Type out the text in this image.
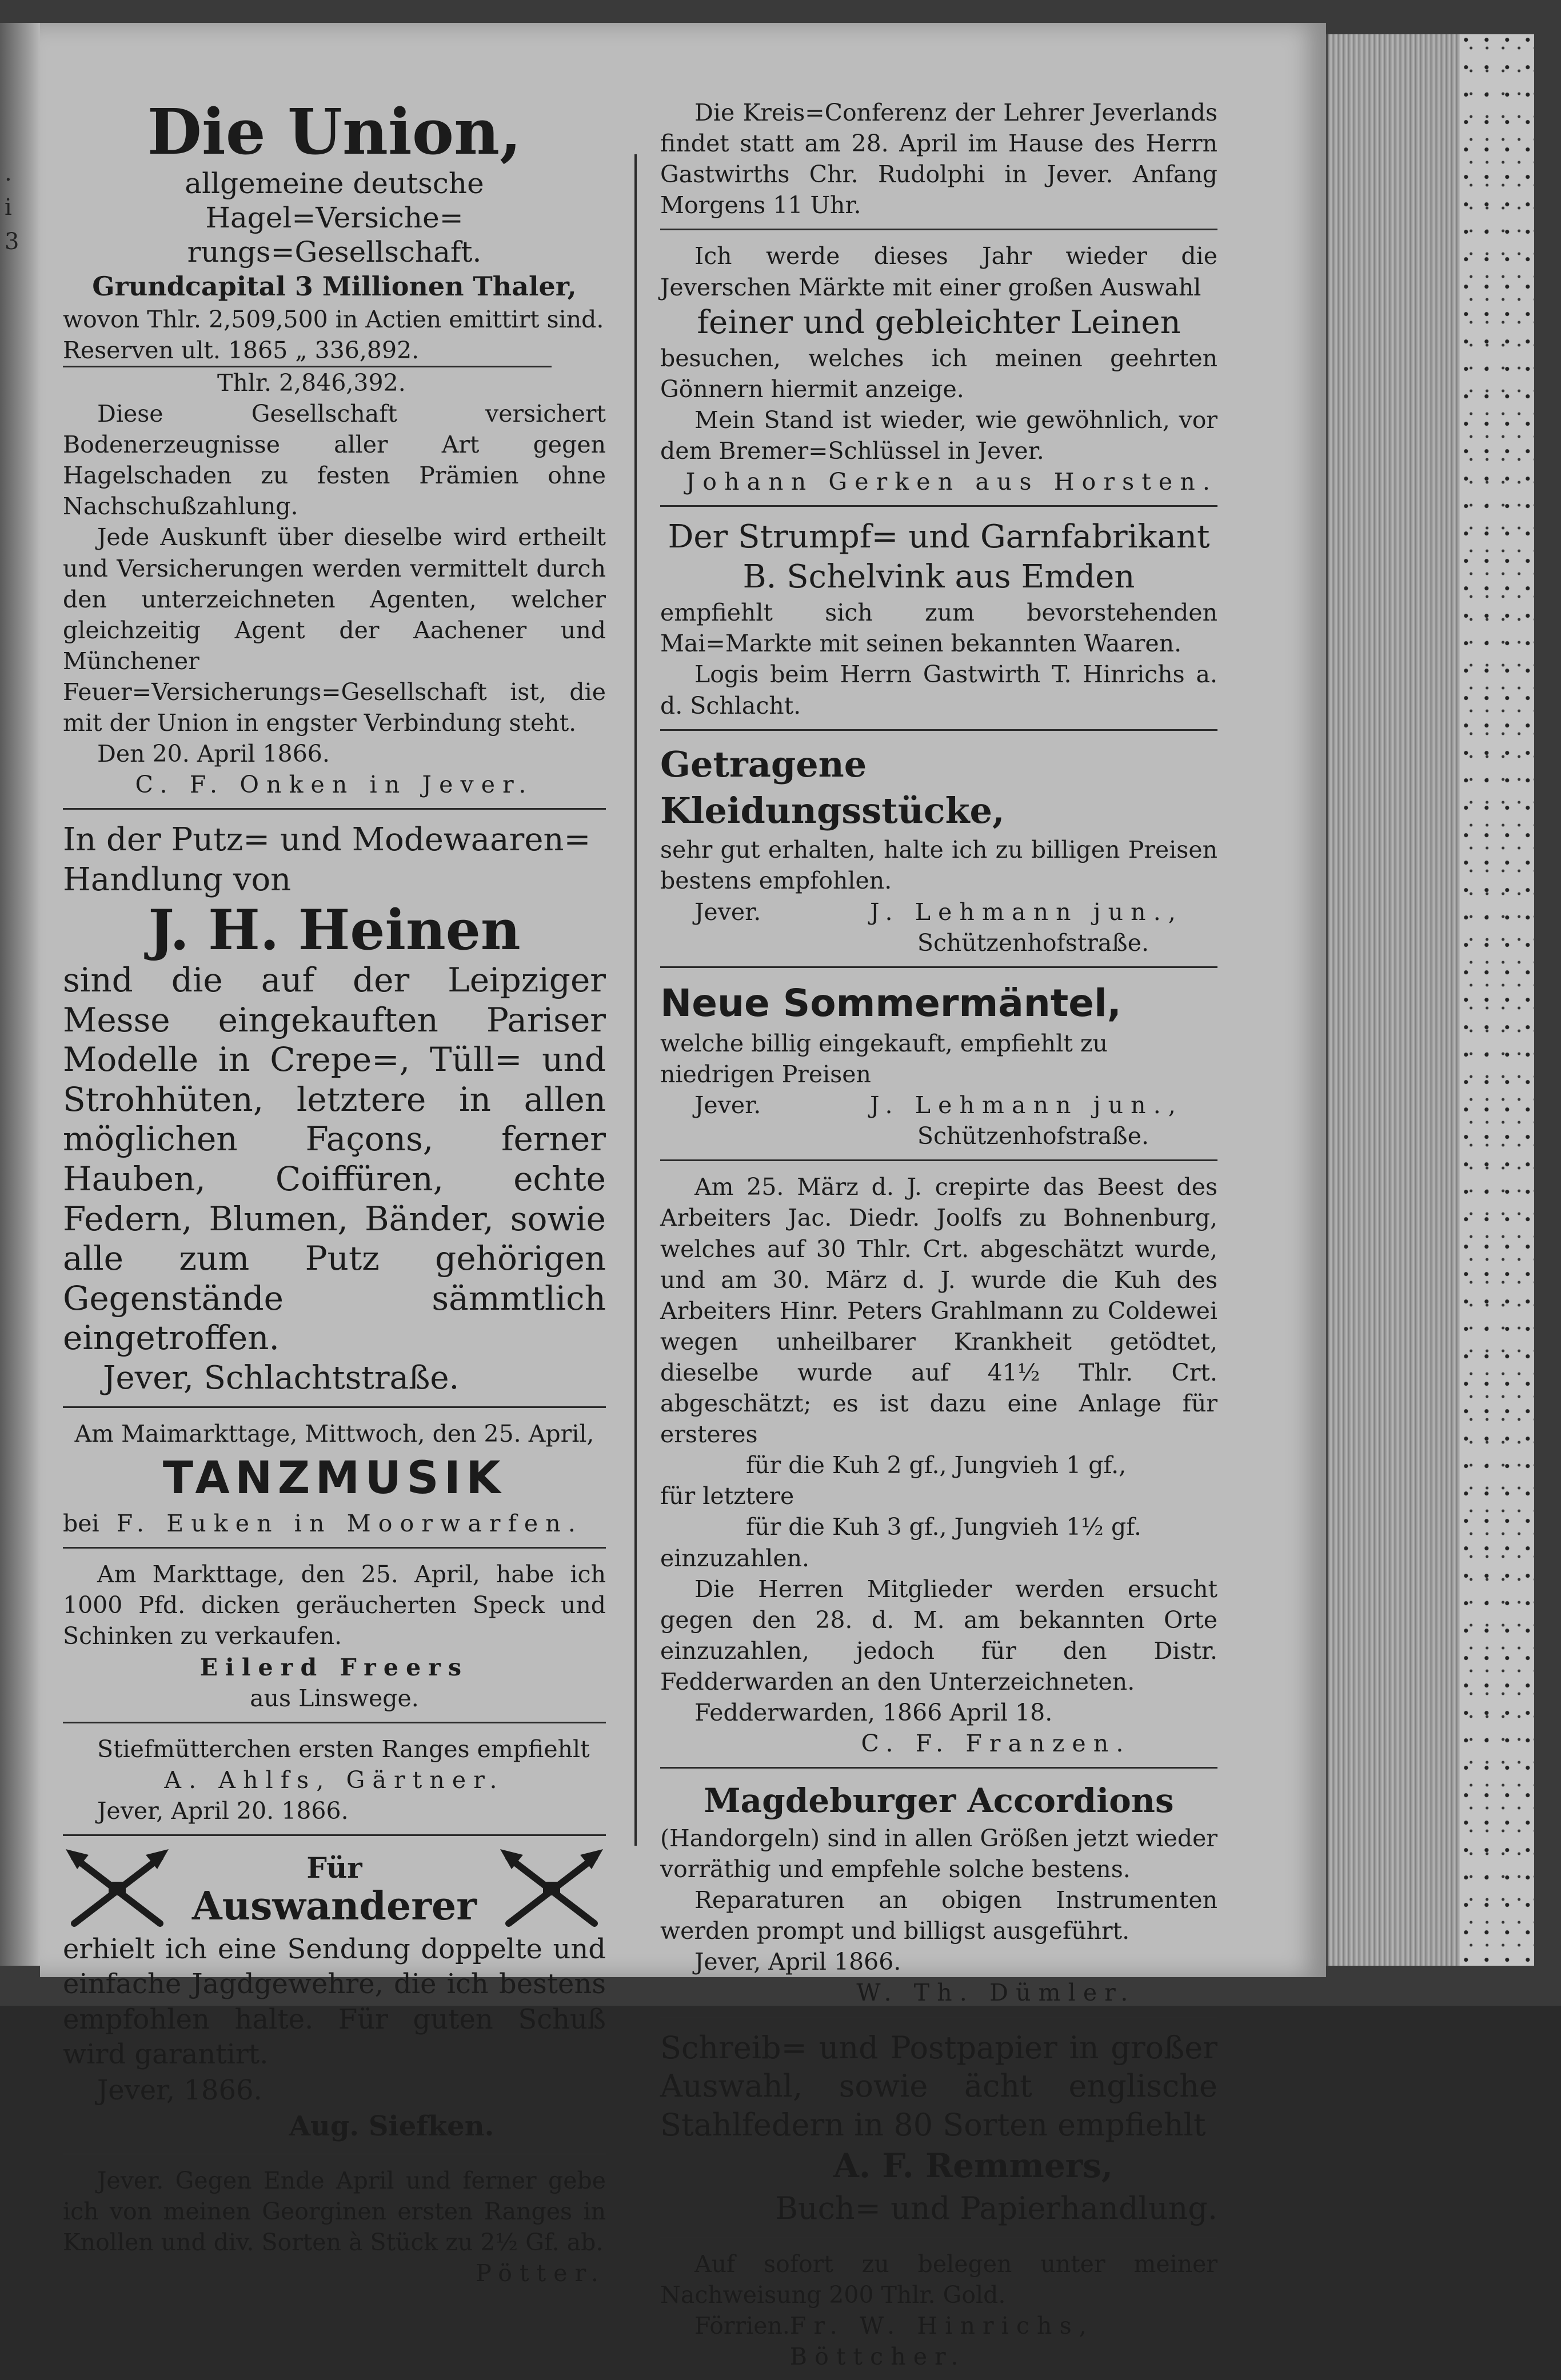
.
i
3
Die Union,
allgemeine deutsche Hagel=Versiche=
rungs=Gesellschaft.
Grundcapital 3 Millionen Thaler,
wovon Thlr. 2,509,500 in Actien emittirt sind.
Reserven ult. 1865 „ 336,892.
Thlr. 2,846,392.
Diese Gesellschaft versichert Bodenerzeugnisse aller Art gegen Hagelschaden zu festen Prämien ohne Nachschußzahlung.
Jede Auskunft über dieselbe wird ertheilt und Versicherungen werden vermittelt durch den unterzeichneten Agenten, welcher gleichzeitig Agent der Aachener und Münchener Feuer=Versicherungs=Gesellschaft ist, die mit der Union in engster Verbindung steht.
Den 20. April 1866.
C. F. Onken in Jever.
In der Putz= und Modewaaren=
Handlung von
J. H. Heinen
sind die auf der Leipziger Messe eingekauften Pariser Modelle in Crepe=, Tüll= und Strohhüten, letztere in allen möglichen Façons, ferner Hauben, Coiffüren, echte Federn, Blumen, Bänder, sowie alle zum Putz gehörigen Gegenstände sämmtlich eingetroffen.
Jever, Schlachtstraße.
Am Maimarkttage, Mittwoch, den 25. April,
TANZMUSIK
bei F. Euken in Moorwarfen.
Am Markttage, den 25. April, habe ich 1000 Pfd. dicken geräucherten Speck und Schinken zu verkaufen.
Eilerd Freers
aus Linswege.
Stiefmütterchen ersten Ranges empfiehlt
A. Ahlfs, Gärtner.
Jever, April 20. 1866.
Für
Auswanderer
erhielt ich eine Sendung doppelte und einfache Jagdgewehre, die ich bestens empfohlen halte. Für guten Schuß wird garantirt.
Jever, 1866.
Aug. Siefken.
Jever. Gegen Ende April und ferner gebe ich von meinen Georginen ersten Ranges in Knollen und div. Sorten à Stück zu 2½ Gf. ab.
Pötter.
Die Kreis=Conferenz der Lehrer Jeverlands findet statt am 28. April im Hause des Herrn Gastwirths Chr. Rudolphi in Jever. Anfang Morgens 11 Uhr.
Ich werde dieses Jahr wieder die Jeverschen Märkte mit einer großen Auswahl
feiner und gebleichter Leinen
besuchen, welches ich meinen geehrten Gönnern hiermit anzeige.
Mein Stand ist wieder, wie gewöhnlich, vor dem Bremer=Schlüssel in Jever.
Johann Gerken aus Horsten.
Der Strumpf= und Garnfabrikant
B. Schelvink aus Emden
empfiehlt sich zum bevorstehenden Mai=Markte mit seinen bekannten Waaren.
Logis beim Herrn Gastwirth T. Hinrichs a. d. Schlacht.
Getragene Kleidungsstücke,
sehr gut erhalten, halte ich zu billigen Preisen bestens empfohlen.
Jever.	J. Lehmann jun.,
Schützenhofstraße.
Neue Sommermäntel,
welche billig eingekauft, empfiehlt zu niedrigen Preisen
Jever.	J. Lehmann jun.,
Schützenhofstraße.
Am 25. März d. J. crepirte das Beest des Arbeiters Jac. Diedr. Joolfs zu Bohnenburg, welches auf 30 Thlr. Crt. abgeschätzt wurde, und am 30. März d. J. wurde die Kuh des Arbeiters Hinr. Peters Grahlmann zu Coldewei wegen unheilbarer Krankheit getödtet, dieselbe wurde auf 41½ Thlr. Crt. abgeschätzt; es ist dazu eine Anlage für ersteres
für die Kuh 2 gf., Jungvieh 1 gf.,
für letztere
für die Kuh 3 gf., Jungvieh 1½ gf.
einzuzahlen.
Die Herren Mitglieder werden ersucht gegen den 28. d. M. am bekannten Orte einzuzahlen, jedoch für den Distr. Fedderwarden an den Unterzeichneten.
Fedderwarden, 1866 April 18.
C. F. Franzen.
Magdeburger Accordions
(Handorgeln) sind in allen Größen jetzt wieder vorräthig und empfehle solche bestens.
Reparaturen an obigen Instrumenten werden prompt und billigst ausgeführt.
Jever, April 1866.
W. Th. Dümler.
Schreib= und Postpapier in großer Auswahl, sowie ächt englische Stahlfedern in 80 Sorten empfiehlt
A. F. Remmers,
Buch= und Papierhandlung.
Auf sofort zu belegen unter meiner Nachweisung 200 Thlr. Gold.
Förrien. Fr. W. Hinrichs, Böttcher.
